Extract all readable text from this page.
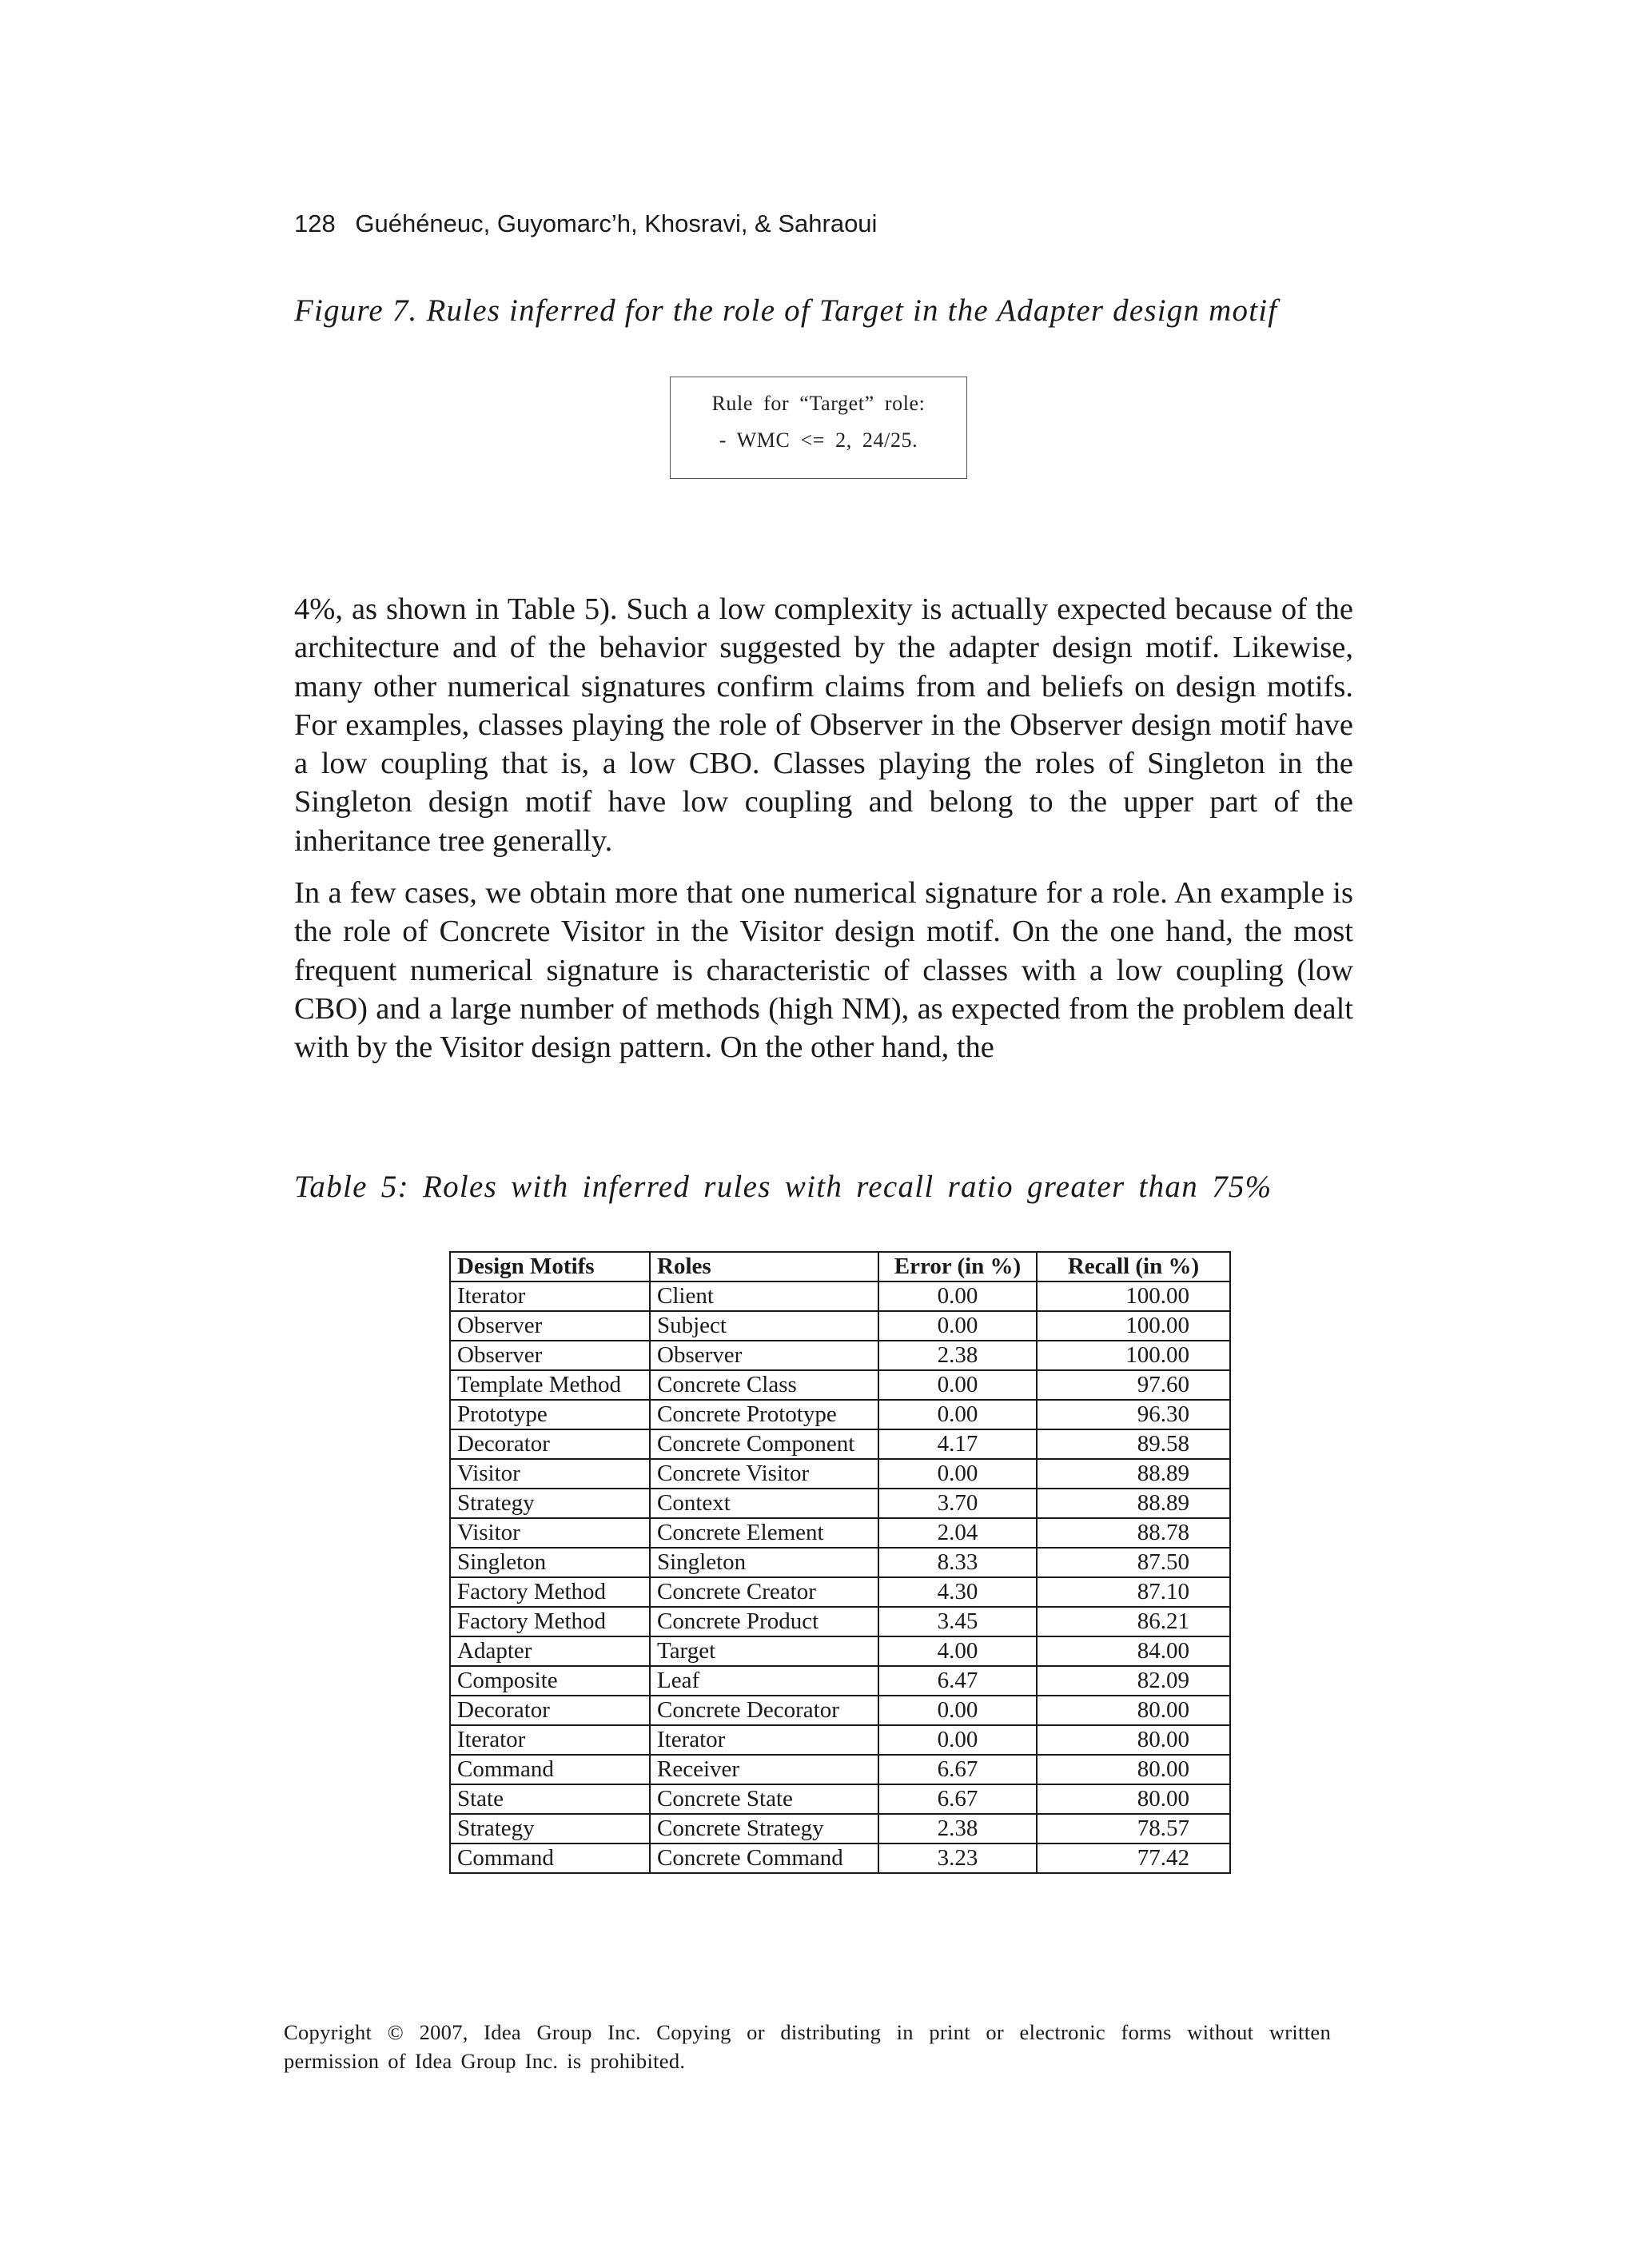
128 Guéhéneuc, Guyomarc’h, Khosravi, & Sahraoui
Figure 7. Rules inferred for the role of Target in the Adapter design motif
Rule for “Target” role:
- WMC <= 2, 24/25.

4%, as shown in Table 5). Such a low complexity is actually expected because of the architecture and of the behavior suggested by the adapter design motif. Likewise, many other numerical signatures confirm claims from and beliefs on design motifs. For examples, classes playing the role of Observer in the Observer design motif have a low coupling that is, a low CBO. Classes playing the roles of Singleton in the Singleton design motif have low coupling and belong to the upper part of the inheritance tree generally.

In a few cases, we obtain more that one numerical signature for a role. An example is the role of Concrete Visitor in the Visitor design motif. On the one hand, the most frequent numerical signature is characteristic of classes with a low coupling (low CBO) and a large number of methods (high NM), as expected from the problem dealt with by the Visitor design pattern. On the other hand, the

Table 5: Roles with inferred rules with recall ratio greater than 75%
Design Motifs	Roles	Error (in %)	Recall (in %)
Iterator	Client	0.00	100.00
Observer	Subject	0.00	100.00
Observer	Observer	2.38	100.00
Template Method	Concrete Class	0.00	97.60
Prototype	Concrete Prototype	0.00	96.30
Decorator	Concrete Component	4.17	89.58
Visitor	Concrete Visitor	0.00	88.89
Strategy	Context	3.70	88.89
Visitor	Concrete Element	2.04	88.78
Singleton	Singleton	8.33	87.50
Factory Method	Concrete Creator	4.30	87.10
Factory Method	Concrete Product	3.45	86.21
Adapter	Target	4.00	84.00
Composite	Leaf	6.47	82.09
Decorator	Concrete Decorator	0.00	80.00
Iterator	Iterator	0.00	80.00
Command	Receiver	6.67	80.00
State	Concrete State	6.67	80.00
Strategy	Concrete Strategy	2.38	78.57
Command	Concrete Command	3.23	77.42
Copyright © 2007, Idea Group Inc. Copying or distributing in print or electronic forms without written permission of Idea Group Inc. is prohibited.
